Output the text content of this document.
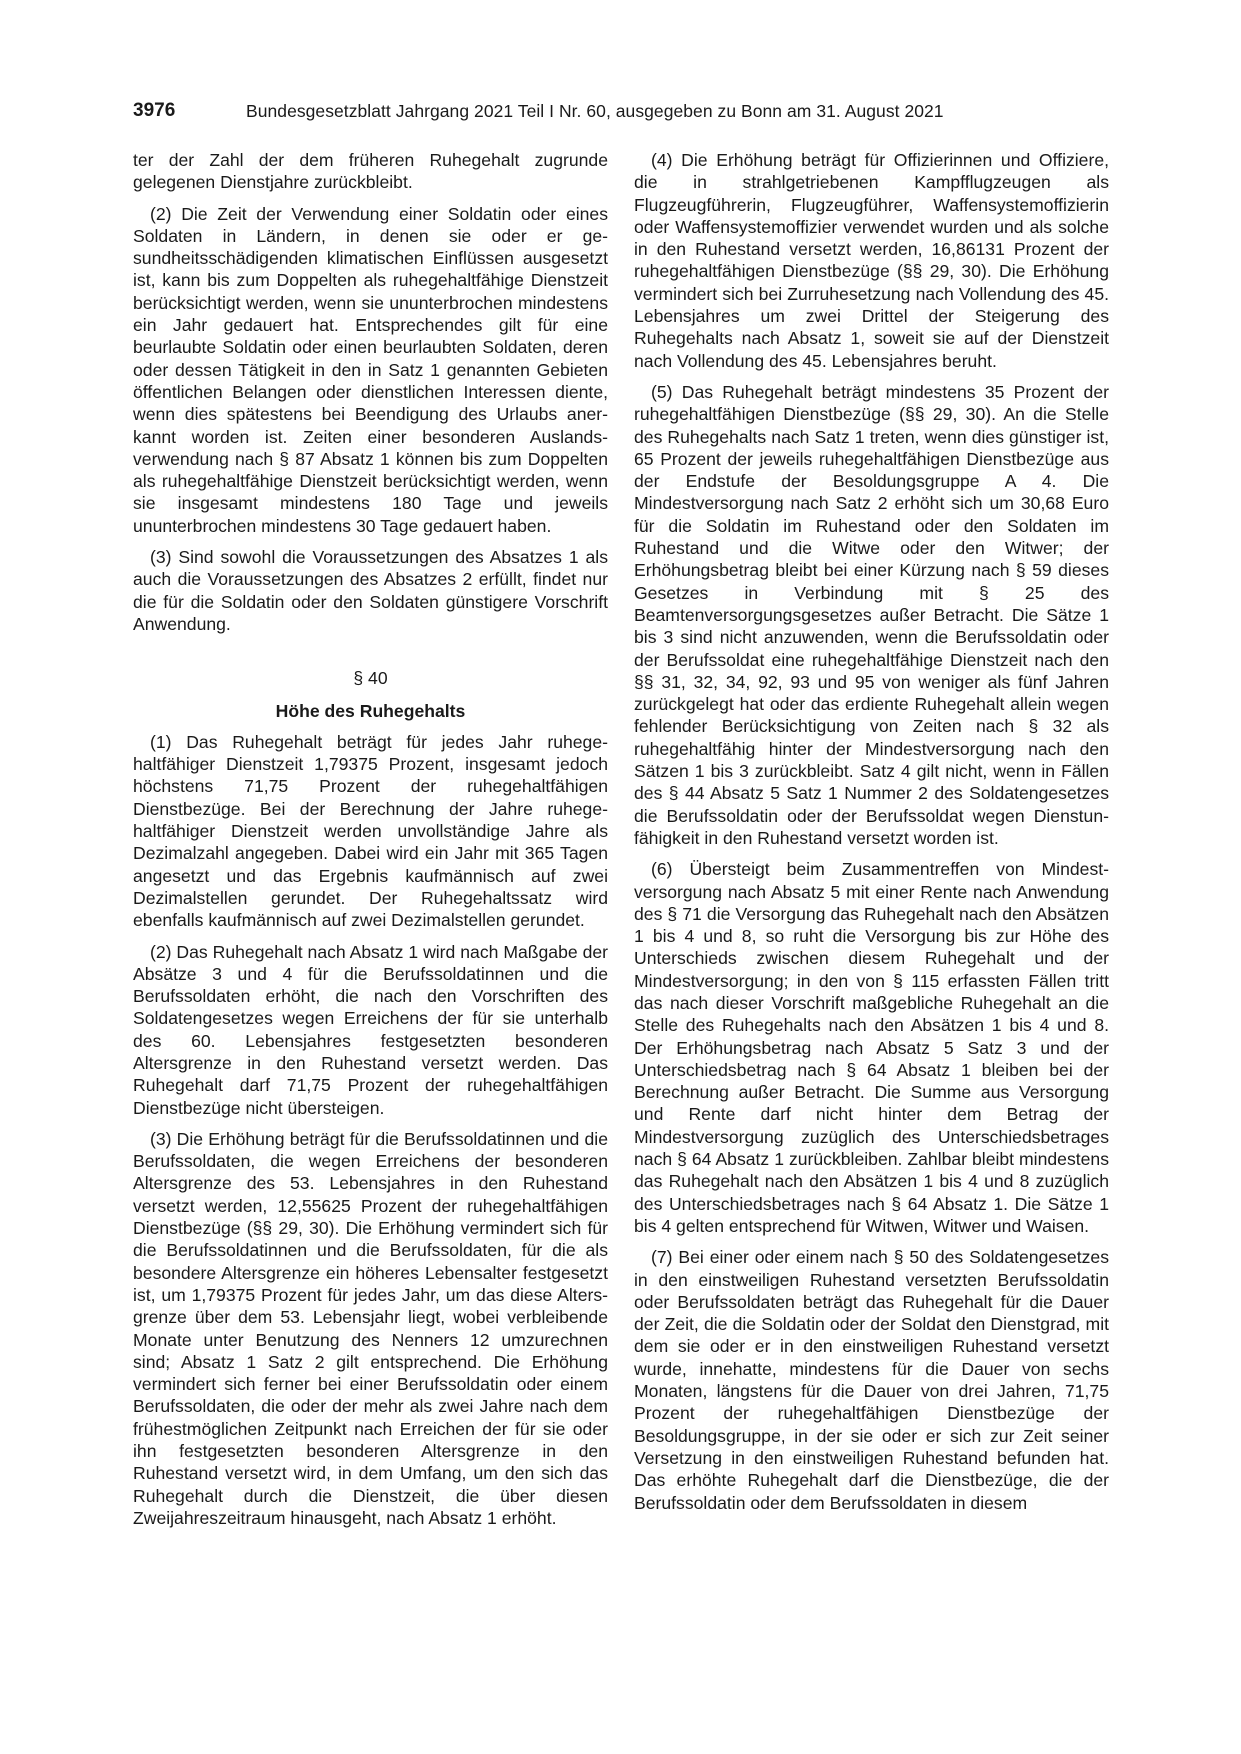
3976	Bundesgesetzblatt Jahrgang 2021 Teil I Nr. 60, ausgegeben zu Bonn am 31. August 2021

ter der Zahl der dem früheren Ruhegehalt zugrunde gelegenen Dienstjahre zurückbleibt.

(2) Die Zeit der Verwendung einer Soldatin oder eines Soldaten in Ländern, in denen sie oder er gesundheitsschädigenden klimatischen Einflüssen ausgesetzt ist, kann bis zum Doppelten als ruhegehaltfähige Dienstzeit berücksichtigt werden, wenn sie ununterbrochen mindestens ein Jahr gedauert hat. Entsprechendes gilt für eine beurlaubte Soldatin oder einen beurlaubten Soldaten, deren oder dessen Tätigkeit in den in Satz 1 genannten Gebieten öffentlichen Belangen oder dienstlichen Interessen diente, wenn dies spätestens bei Beendigung des Urlaubs anerkannt worden ist. Zeiten einer besonderen Auslandsverwendung nach § 87 Absatz 1 können bis zum Doppelten als ruhegehaltfähige Dienstzeit berücksichtigt werden, wenn sie insgesamt mindestens 180 Tage und jeweils ununterbrochen mindestens 30 Tage gedauert haben.

(3) Sind sowohl die Voraussetzungen des Absatzes 1 als auch die Voraussetzungen des Absatzes 2 erfüllt, findet nur die für die Soldatin oder den Soldaten günstigere Vorschrift Anwendung.

§ 40
Höhe des Ruhegehalts

(1) Das Ruhegehalt beträgt für jedes Jahr ruhegehaltfähiger Dienstzeit 1,79375 Prozent, insgesamt jedoch höchstens 71,75 Prozent der ruhegehaltfähigen Dienstbezüge. Bei der Berechnung der Jahre ruhegehaltfähiger Dienstzeit werden unvollständige Jahre als Dezimalzahl angegeben. Dabei wird ein Jahr mit 365 Tagen angesetzt und das Ergebnis kaufmännisch auf zwei Dezimalstellen gerundet. Der Ruhegehaltssatz wird ebenfalls kaufmännisch auf zwei Dezimalstellen gerundet.

(2) Das Ruhegehalt nach Absatz 1 wird nach Maßgabe der Absätze 3 und 4 für die Berufssoldatinnen und die Berufssoldaten erhöht, die nach den Vorschriften des Soldatengesetzes wegen Erreichens der für sie unterhalb des 60. Lebensjahres festgesetzten besonderen Altersgrenze in den Ruhestand versetzt werden. Das Ruhegehalt darf 71,75 Prozent der ruhegehaltfähigen Dienstbezüge nicht übersteigen.

(3) Die Erhöhung beträgt für die Berufssoldatinnen und die Berufssoldaten, die wegen Erreichens der besonderen Altersgrenze des 53. Lebensjahres in den Ruhestand versetzt werden, 12,55625 Prozent der ruhegehaltfähigen Dienstbezüge (§§ 29, 30). Die Erhöhung vermindert sich für die Berufssoldatinnen und die Berufssoldaten, für die als besondere Altersgrenze ein höheres Lebensalter festgesetzt ist, um 1,79375 Prozent für jedes Jahr, um das diese Altersgrenze über dem 53. Lebensjahr liegt, wobei verbleibende Monate unter Benutzung des Nenners 12 umzurechnen sind; Absatz 1 Satz 2 gilt entsprechend. Die Erhöhung vermindert sich ferner bei einer Berufssoldatin oder einem Berufssoldaten, die oder der mehr als zwei Jahre nach dem frühestmöglichen Zeitpunkt nach Erreichen der für sie oder ihn festgesetzten besonderen Altersgrenze in den Ruhestand versetzt wird, in dem Umfang, um den sich das Ruhegehalt durch die Dienstzeit, die über diesen Zweijahreszeitraum hinausgeht, nach Absatz 1 erhöht.

(4) Die Erhöhung beträgt für Offizierinnen und Offiziere, die in strahlgetriebenen Kampfflugzeugen als Flugzeugführerin, Flugzeugführer, Waffensystemoffizierin oder Waffensystemoffizier verwendet wurden und als solche in den Ruhestand versetzt werden, 16,86131 Prozent der ruhegehaltfähigen Dienstbezüge (§§ 29, 30). Die Erhöhung vermindert sich bei Zurruhesetzung nach Vollendung des 45. Lebensjahres um zwei Drittel der Steigerung des Ruhegehalts nach Absatz 1, soweit sie auf der Dienstzeit nach Vollendung des 45. Lebensjahres beruht.

(5) Das Ruhegehalt beträgt mindestens 35 Prozent der ruhegehaltfähigen Dienstbezüge (§§ 29, 30). An die Stelle des Ruhegehalts nach Satz 1 treten, wenn dies günstiger ist, 65 Prozent der jeweils ruhegehaltfähigen Dienstbezüge aus der Endstufe der Besoldungsgruppe A 4. Die Mindestversorgung nach Satz 2 erhöht sich um 30,68 Euro für die Soldatin im Ruhestand oder den Soldaten im Ruhestand und die Witwe oder den Witwer; der Erhöhungsbetrag bleibt bei einer Kürzung nach § 59 dieses Gesetzes in Verbindung mit § 25 des Beamtenversorgungsgesetzes außer Betracht. Die Sätze 1 bis 3 sind nicht anzuwenden, wenn die Berufssoldatin oder der Berufssoldat eine ruhegehaltfähige Dienstzeit nach den §§ 31, 32, 34, 92, 93 und 95 von weniger als fünf Jahren zurückgelegt hat oder das erdiente Ruhegehalt allein wegen fehlender Berücksichtigung von Zeiten nach § 32 als ruhegehaltfähig hinter der Mindestversorgung nach den Sätzen 1 bis 3 zurückbleibt. Satz 4 gilt nicht, wenn in Fällen des § 44 Absatz 5 Satz 1 Nummer 2 des Soldatengesetzes die Berufssoldatin oder der Berufssoldat wegen Dienstunfähigkeit in den Ruhestand versetzt worden ist.

(6) Übersteigt beim Zusammentreffen von Mindestversorgung nach Absatz 5 mit einer Rente nach Anwendung des § 71 die Versorgung das Ruhegehalt nach den Absätzen 1 bis 4 und 8, so ruht die Versorgung bis zur Höhe des Unterschieds zwischen diesem Ruhegehalt und der Mindestversorgung; in den von § 115 erfassten Fällen tritt das nach dieser Vorschrift maßgebliche Ruhegehalt an die Stelle des Ruhegehalts nach den Absätzen 1 bis 4 und 8. Der Erhöhungsbetrag nach Absatz 5 Satz 3 und der Unterschiedsbetrag nach § 64 Absatz 1 bleiben bei der Berechnung außer Betracht. Die Summe aus Versorgung und Rente darf nicht hinter dem Betrag der Mindestversorgung zuzüglich des Unterschiedsbetrages nach § 64 Absatz 1 zurückbleiben. Zahlbar bleibt mindestens das Ruhegehalt nach den Absätzen 1 bis 4 und 8 zuzüglich des Unterschiedsbetrages nach § 64 Absatz 1. Die Sätze 1 bis 4 gelten entsprechend für Witwen, Witwer und Waisen.

(7) Bei einer oder einem nach § 50 des Soldatengesetzes in den einstweiligen Ruhestand versetzten Berufssoldatin oder Berufssoldaten beträgt das Ruhegehalt für die Dauer der Zeit, die die Soldatin oder der Soldat den Dienstgrad, mit dem sie oder er in den einstweiligen Ruhestand versetzt wurde, innehatte, mindestens für die Dauer von sechs Monaten, längstens für die Dauer von drei Jahren, 71,75 Prozent der ruhegehaltfähigen Dienstbezüge der Besoldungsgruppe, in der sie oder er sich zur Zeit seiner Versetzung in den einstweiligen Ruhestand befunden hat. Das erhöhte Ruhegehalt darf die Dienstbezüge, die der Berufssoldatin oder dem Berufssoldaten in diesem
